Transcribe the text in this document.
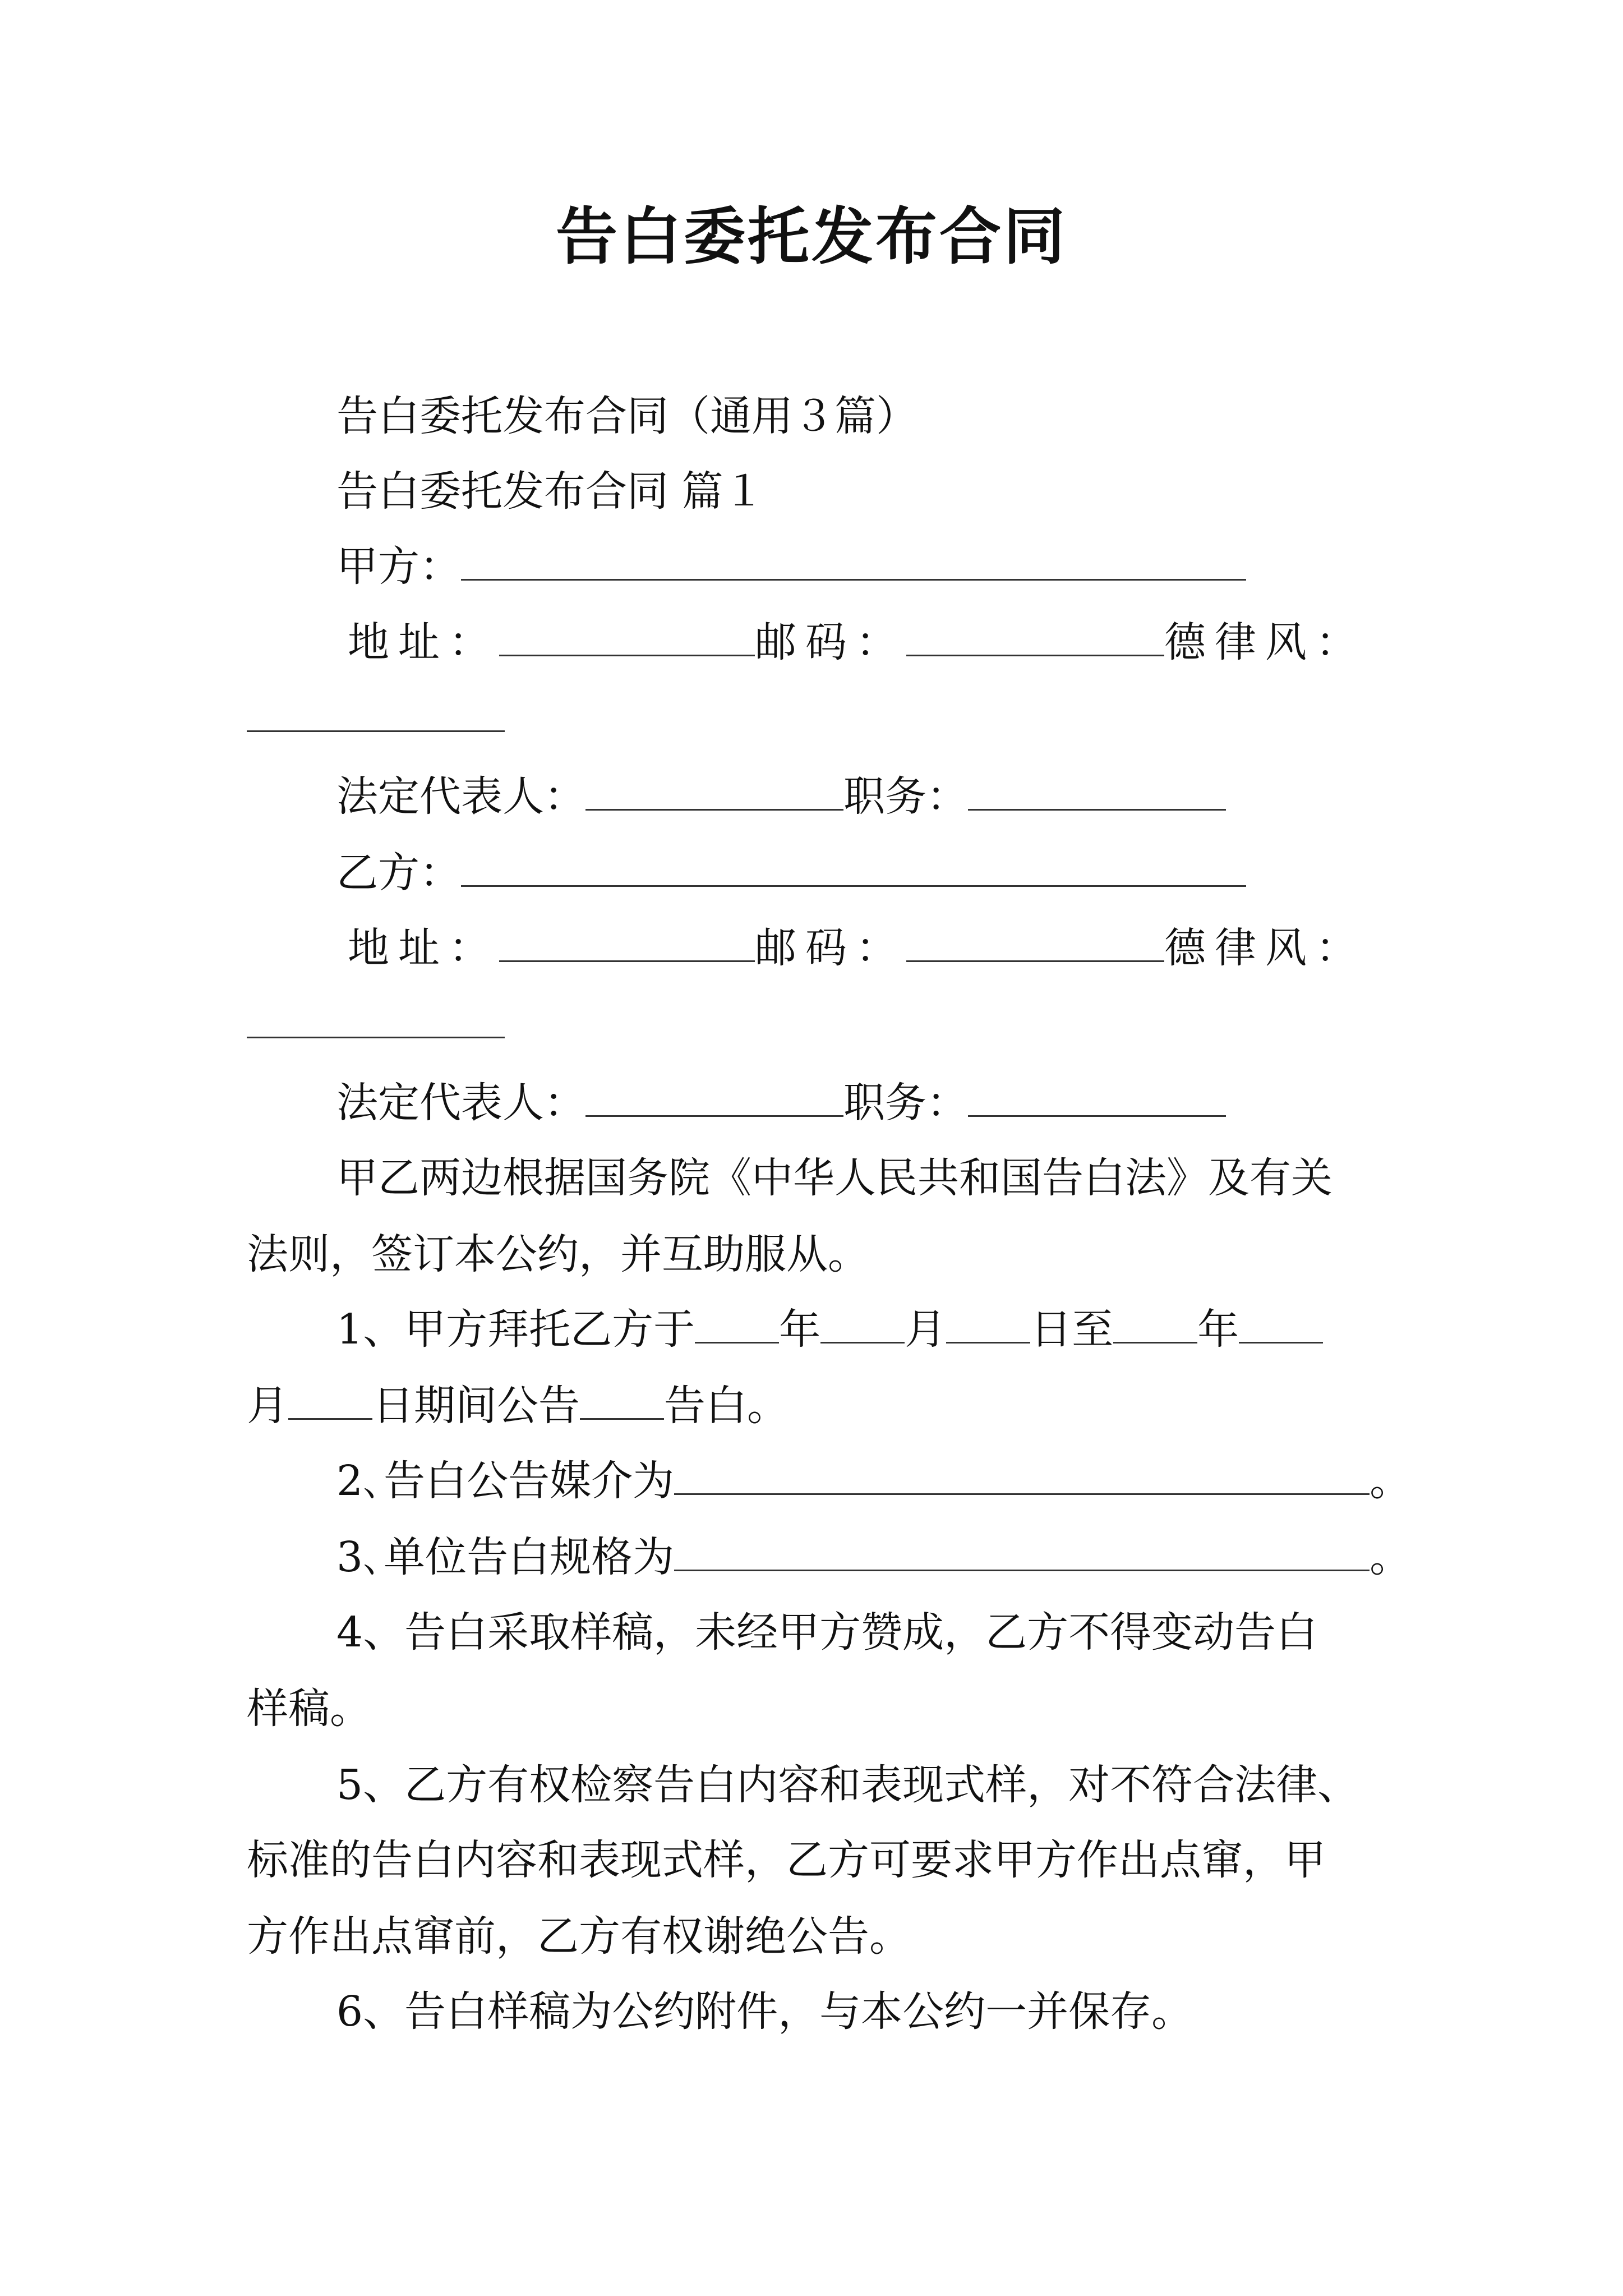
告白委托发布合同
告白委托发布合同（通用３篇）
告白委托发布合同 篇１
甲方：
地址：	邮码：	德律风：
法定代表人：	职务：
乙方：
地址：	邮码：	德律风：
法定代表人：	职务：
甲乙两边根据国务院《中华人民共和国告白法》及有关
法则，签订本公约，并互助服从。
1、甲方拜托乙方于 年 月 日至 年
月 日期间公告 告白。
2､告白公告媒介为	。
3､单位告白规格为	。
4、告白采取样稿，未经甲方赞成，乙方不得变动告白
样稿。
5、乙方有权检察告白内容和表现式样，对不符合法律、
标准的告白内容和表现式样，乙方可要求甲方作出点窜，甲
方作出点窜前，乙方有权谢绝公告。
6、告白样稿为公约附件，与本公约一并保存。
